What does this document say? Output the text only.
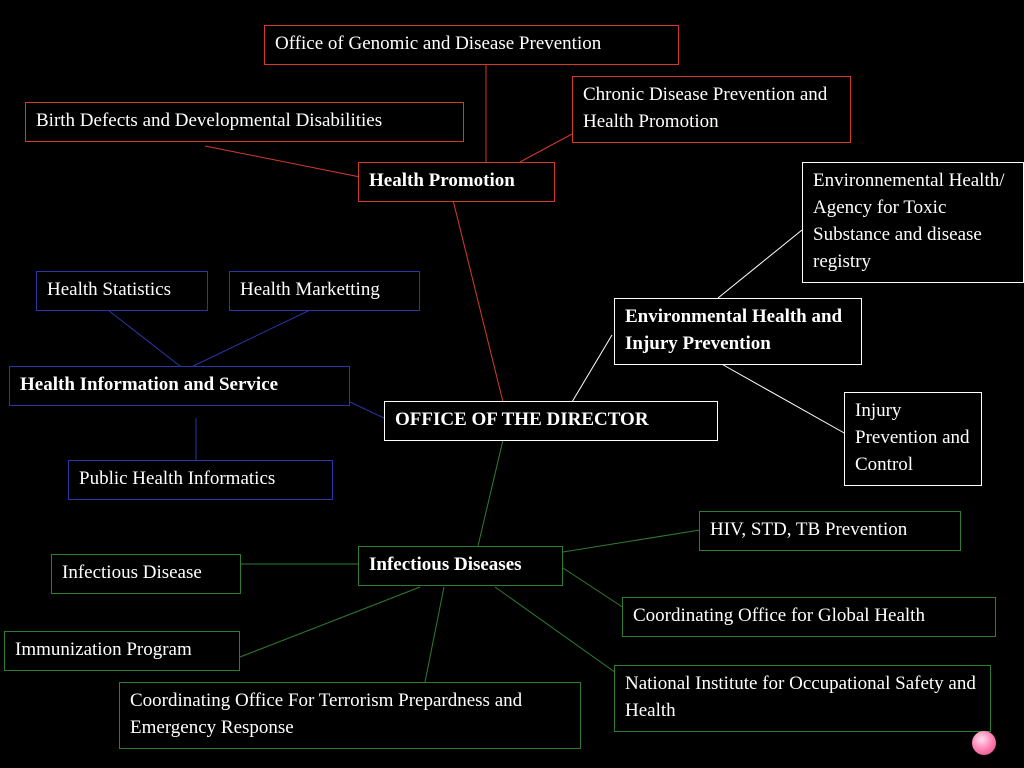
Office of Genomic and Disease Prevention
Birth Defects and Developmental Disabilities
Chronic Disease Prevention and Health Promotion
Health Promotion
Health Statistics	Health Marketting
Health Information and Service
Public Health Informatics
OFFICE OF THE DIRECTOR
Environnemental Health/ Agency for Toxic Substance and disease registry
Environmental Health and Injury Prevention
Injury Prevention and Control
HIV, STD, TB Prevention
Infectious Diseases
Infectious Disease
Coordinating Office for Global Health
Immunization Program
National Institute for Occupational Safety and Health
Coordinating Office For Terrorism Prepardness and Emergency Response
